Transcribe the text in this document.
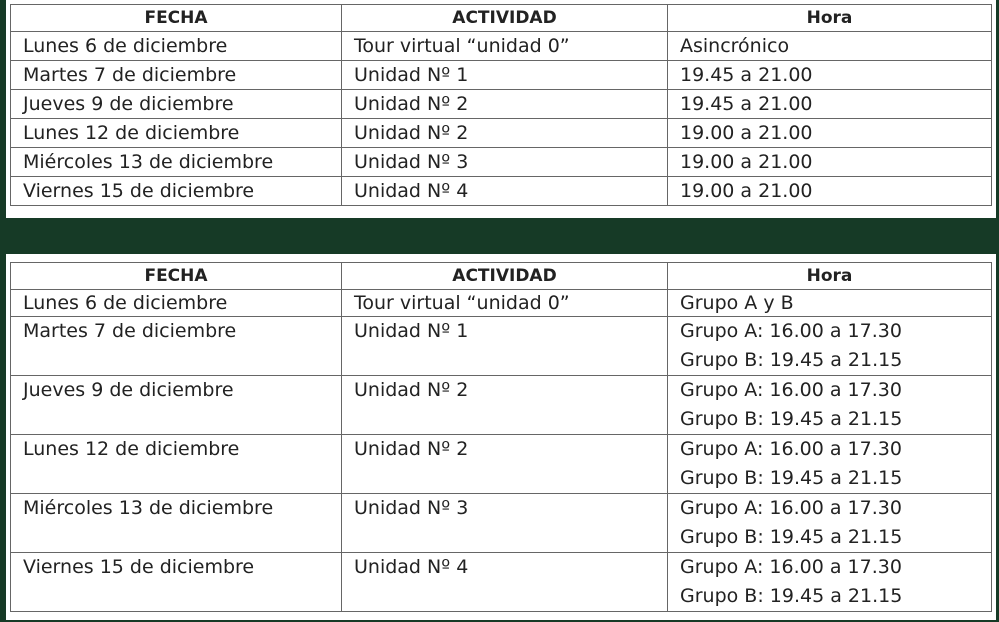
FECHA	ACTIVIDAD	Hora
Lunes 6 de diciembre	Tour virtual “unidad 0”	Asincrónico
Martes 7 de diciembre	Unidad Nº 1	19.45 a 21.00
Jueves 9 de diciembre	Unidad Nº 2	19.45 a 21.00
Lunes 12 de diciembre	Unidad Nº 2	19.00 a 21.00
Miércoles 13 de diciembre	Unidad Nº 3	19.00 a 21.00
Viernes 15 de diciembre	Unidad Nº 4	19.00 a 21.00
FECHA	ACTIVIDAD	Hora
Lunes 6 de diciembre	Tour virtual “unidad 0”	Grupo A y B

Martes 7 de diciembre	Unidad Nº 1	Grupo A: 16.00 a 17.30
Grupo B: 19.45 a 21.15

Jueves 9 de diciembre	Unidad Nº 2	Grupo A: 16.00 a 17.30
Grupo B: 19.45 a 21.15

Lunes 12 de diciembre	Unidad Nº 2	Grupo A: 16.00 a 17.30
Grupo B: 19.45 a 21.15

Miércoles 13 de diciembre	Unidad Nº 3	Grupo A: 16.00 a 17.30
Grupo B: 19.45 a 21.15

Viernes 15 de diciembre	Unidad Nº 4	Grupo A: 16.00 a 17.30
Grupo B: 19.45 a 21.15
